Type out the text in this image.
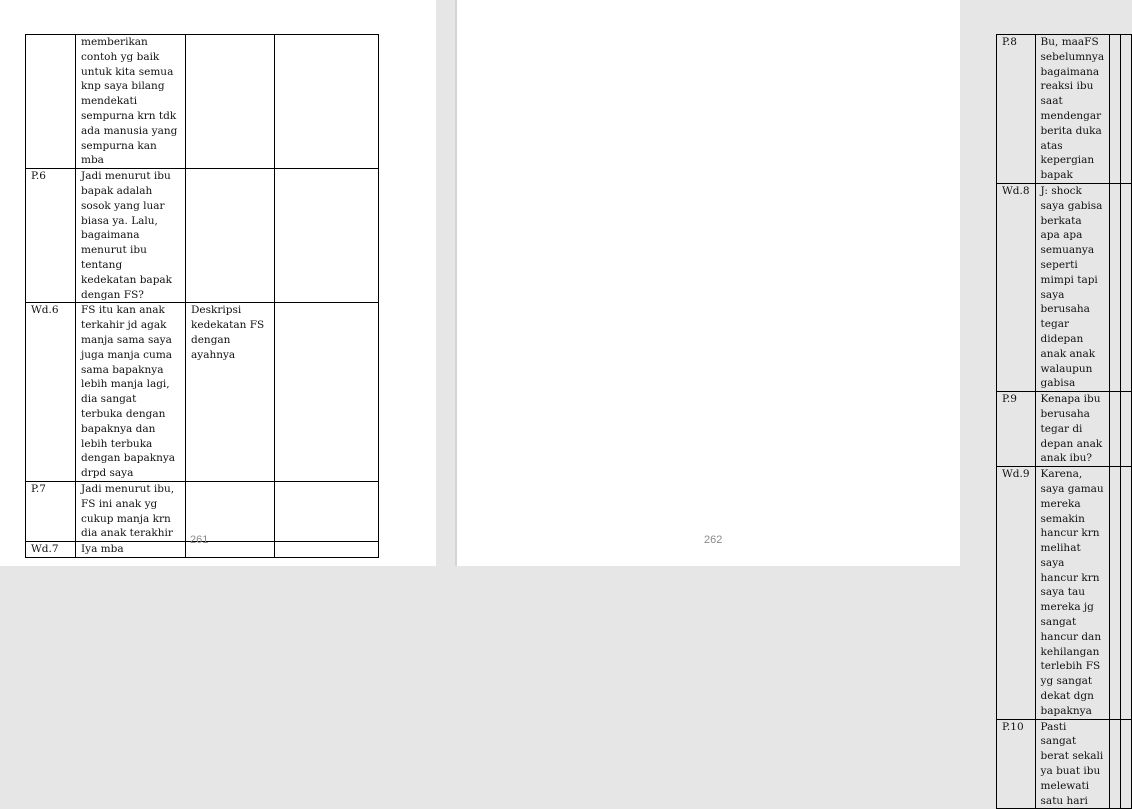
	memberikan contoh yg baik untuk kita semua knp saya bilang mendekati sempurna krn tdk ada manusia yang sempurna kan mba		
P.6	Jadi menurut ibu bapak adalah sosok yang luar biasa ya. Lalu, bagaimana menurut ibu tentang kedekatan bapak dengan FS?		
Wd.6	FS itu kan anak terkahir jd agak manja sama saya juga manja cuma sama bapaknya lebih manja lagi, dia sangat terbuka dengan bapaknya dan lebih terbuka dengan bapaknya drpd saya	Deskripsi kedekatan FS dengan ayahnya	
P.7	Jadi menurut ibu, FS ini anak yg cukup manja krn dia anak terakhir		
Wd.7	Iya mba		
261
P.8	Bu, maaFS sebelumnya bagaimana reaksi ibu saat mendengar berita duka atas kepergian bapak		
Wd.8	J: shock saya gabisa berkata apa apa semuanya seperti mimpi tapi saya berusaha tegar didepan anak anak walaupun gabisa		
P.9	Kenapa ibu berusaha tegar di depan anak anak ibu?		
Wd.9	Karena, saya gamau mereka semakin hancur krn melihat saya hancur krn saya tau mereka jg sangat hancur dan kehilangan terlebih FS yg sangat dekat dgn bapaknya		
P.10	Pasti sangat berat sekali ya buat ibu melewati satu hari		
262
